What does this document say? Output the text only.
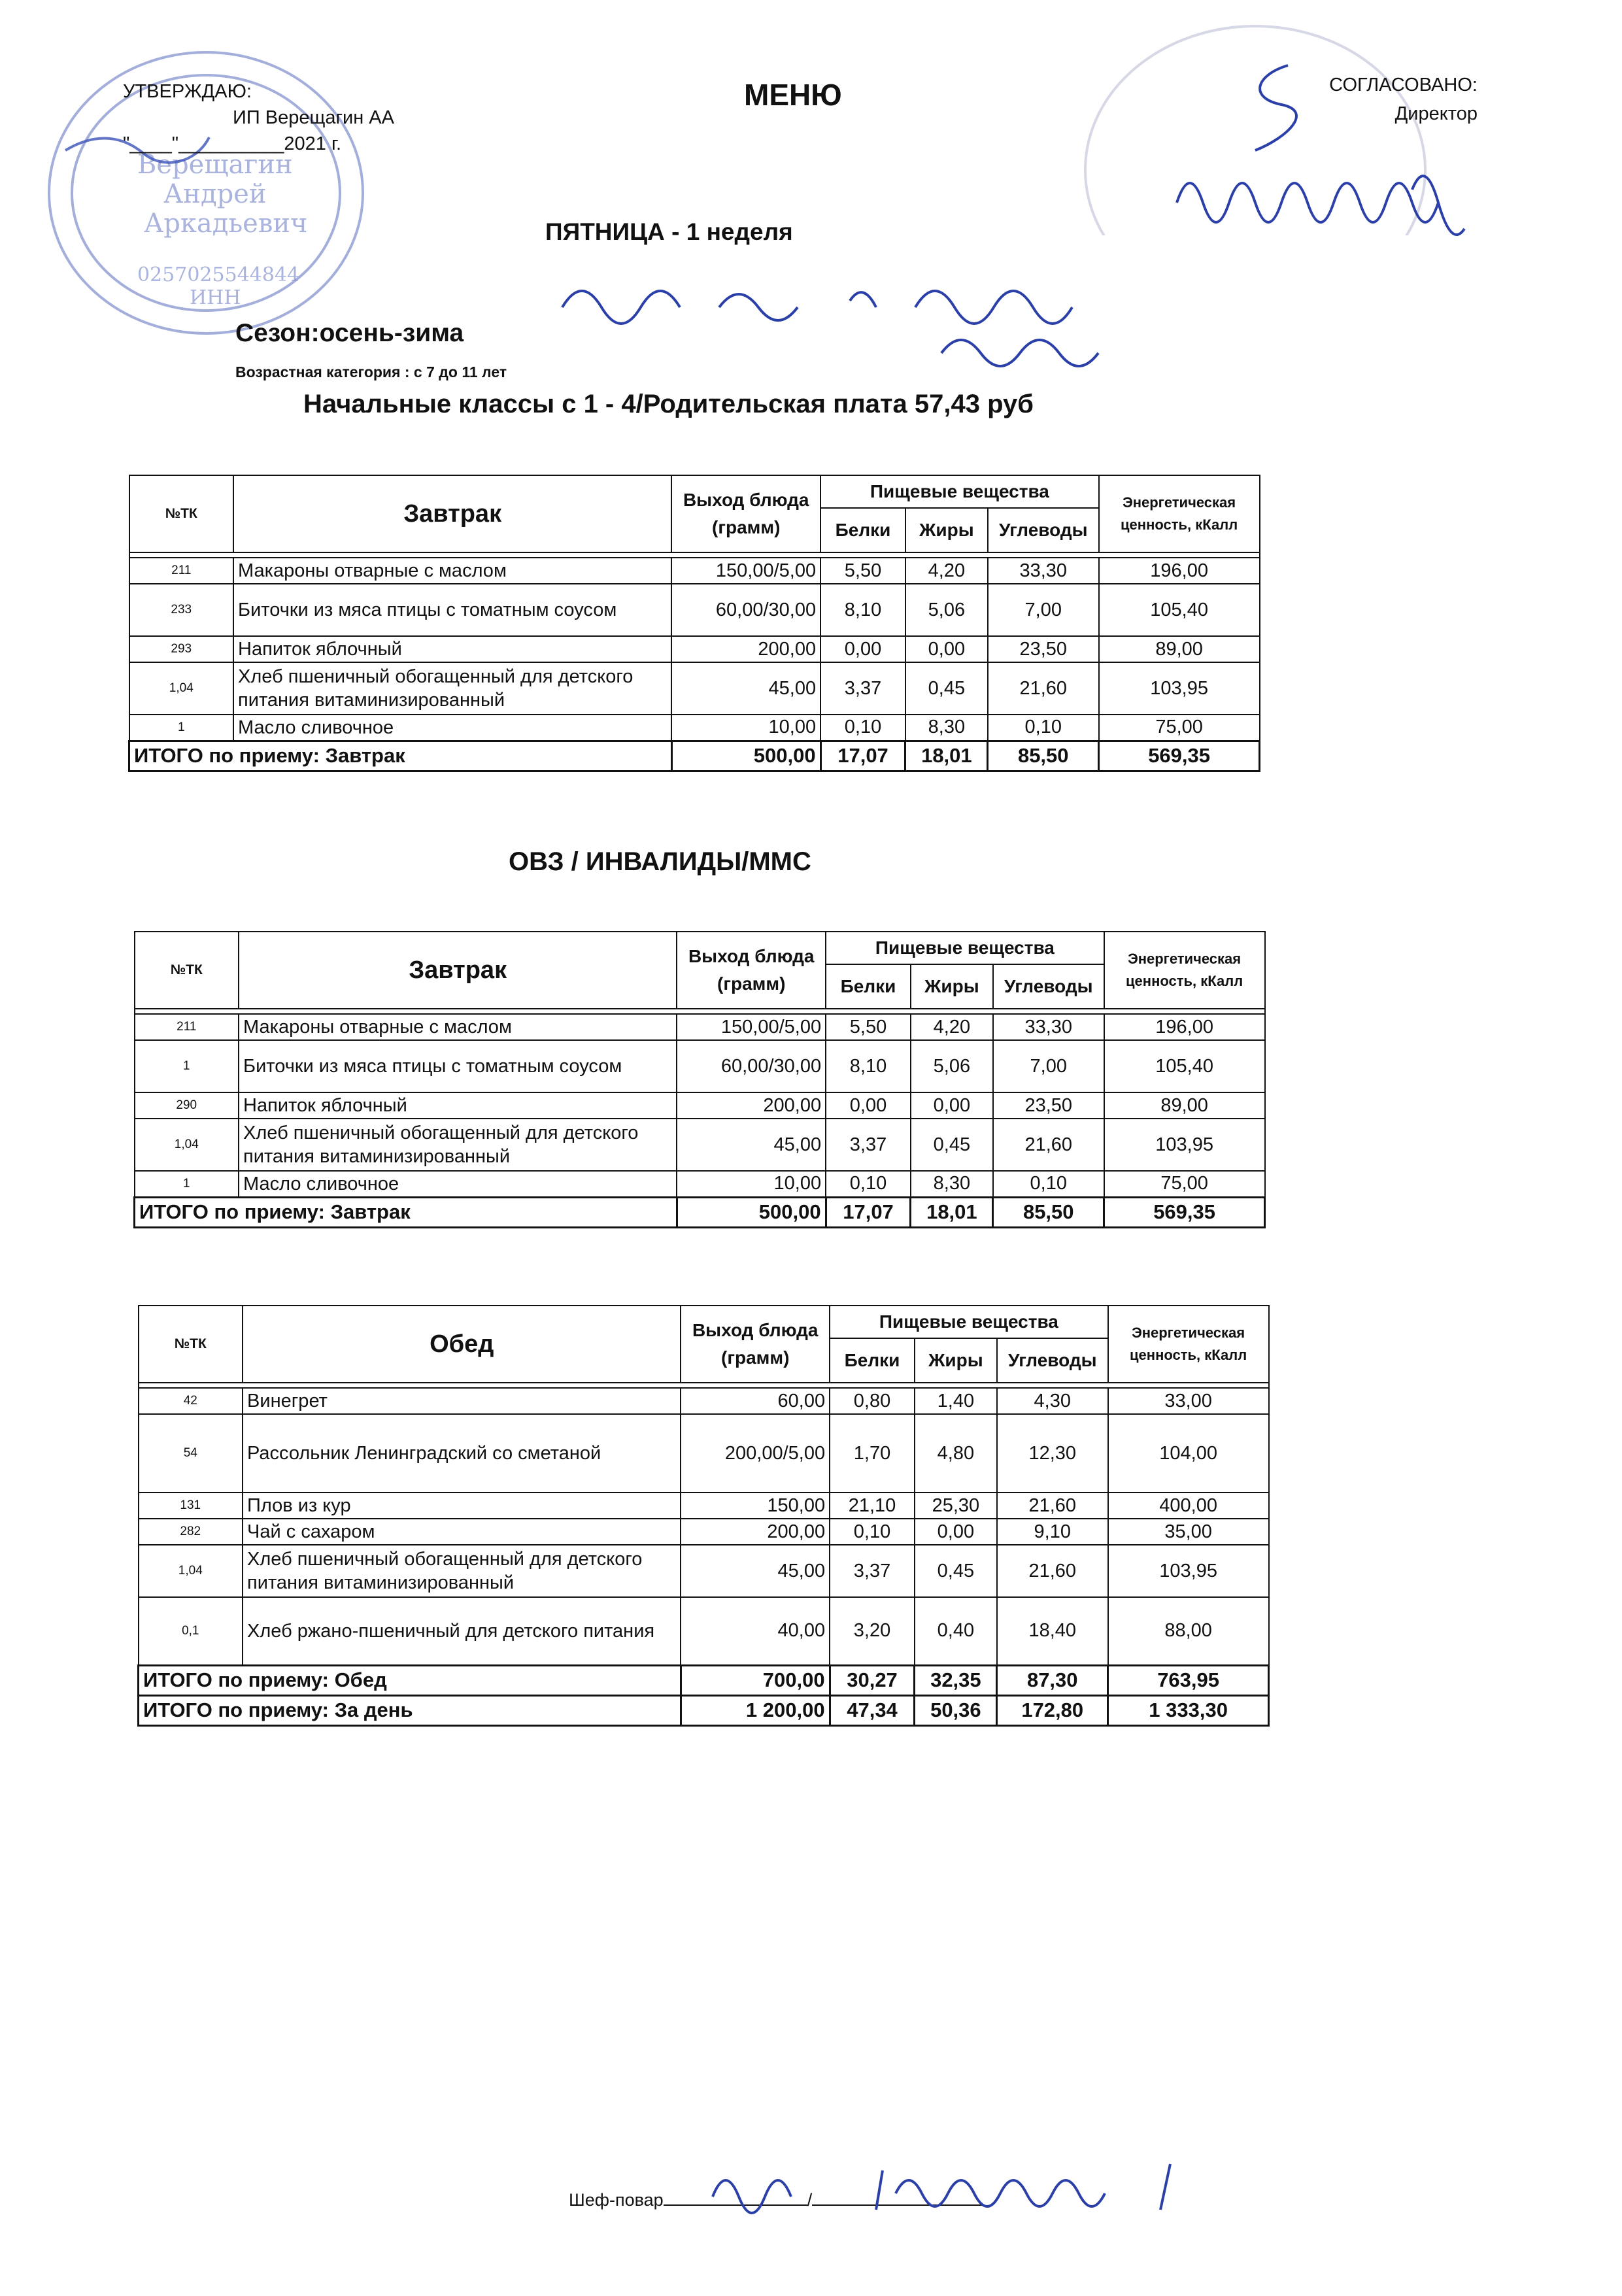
Верещагин
Андрей
Аркадьевич
0257025544844
ИНН
УТВЕРЖДАЮ:
ИП Верещагин АА
"____"__________2021 г.
МЕНЮ	СОГЛАСОВАНО:
Директор
ПЯТНИЦА - 1 неделя
Сезон:осень-зима
Возрастная категория : с 7 до 11 лет
Начальные классы с 1 - 4/Родительская плата 57,43 руб
ОВЗ / ИНВАЛИДЫ/ММС
№ТК	Завтрак	Выход блюда (грамм)	Пищевые вещества			Энергетическая ценность, кКалл
			Белки	Жиры	Углеводы	

211	Макароны отварные с маслом	150,00/5,00	5,50	4,20	33,30	196,00
233	Биточки из мяса птицы с томатным соусом	60,00/30,00	8,10	5,06	7,00	105,40
293	Напиток яблочный	200,00	0,00	0,00	23,50	89,00
1,04	Хлеб пшеничный обогащенный для детского питания витаминизированный	45,00	3,37	0,45	21,60	103,95
1	Масло сливочное	10,00	0,10	8,30	0,10	75,00
ИТОГО по приему: Завтрак		500,00	17,07	18,01	85,50	569,35
№ТК	Завтрак	Выход блюда (грамм)	Пищевые вещества			Энергетическая ценность, кКалл
			Белки	Жиры	Углеводы	

211	Макароны отварные с маслом	150,00/5,00	5,50	4,20	33,30	196,00
1	Биточки из мяса птицы с томатным соусом	60,00/30,00	8,10	5,06	7,00	105,40
290	Напиток яблочный	200,00	0,00	0,00	23,50	89,00
1,04	Хлеб пшеничный обогащенный для детского питания витаминизированный	45,00	3,37	0,45	21,60	103,95
1	Масло сливочное	10,00	0,10	8,30	0,10	75,00
ИТОГО по приему: Завтрак		500,00	17,07	18,01	85,50	569,35
№ТК	Обед	Выход блюда (грамм)	Пищевые вещества			Энергетическая ценность, кКалл
			Белки	Жиры	Углеводы	

42	Винегрет	60,00	0,80	1,40	4,30	33,00
54	Рассольник Ленинградский со сметаной	200,00/5,00	1,70	4,80	12,30	104,00
131	Плов из кур	150,00	21,10	25,30	21,60	400,00
282	Чай с сахаром	200,00	0,10	0,00	9,10	35,00
1,04	Хлеб пшеничный обогащенный для детского питания витаминизированный	45,00	3,37	0,45	21,60	103,95
0,1	Хлеб ржано-пшеничный для детского питания	40,00	3,20	0,40	18,40	88,00
ИТОГО по приему: Обед		700,00	30,27	32,35	87,30	763,95
ИТОГО по приему: За день		1 200,00	47,34	50,36	172,80	1 333,30
Шеф-повар	/
